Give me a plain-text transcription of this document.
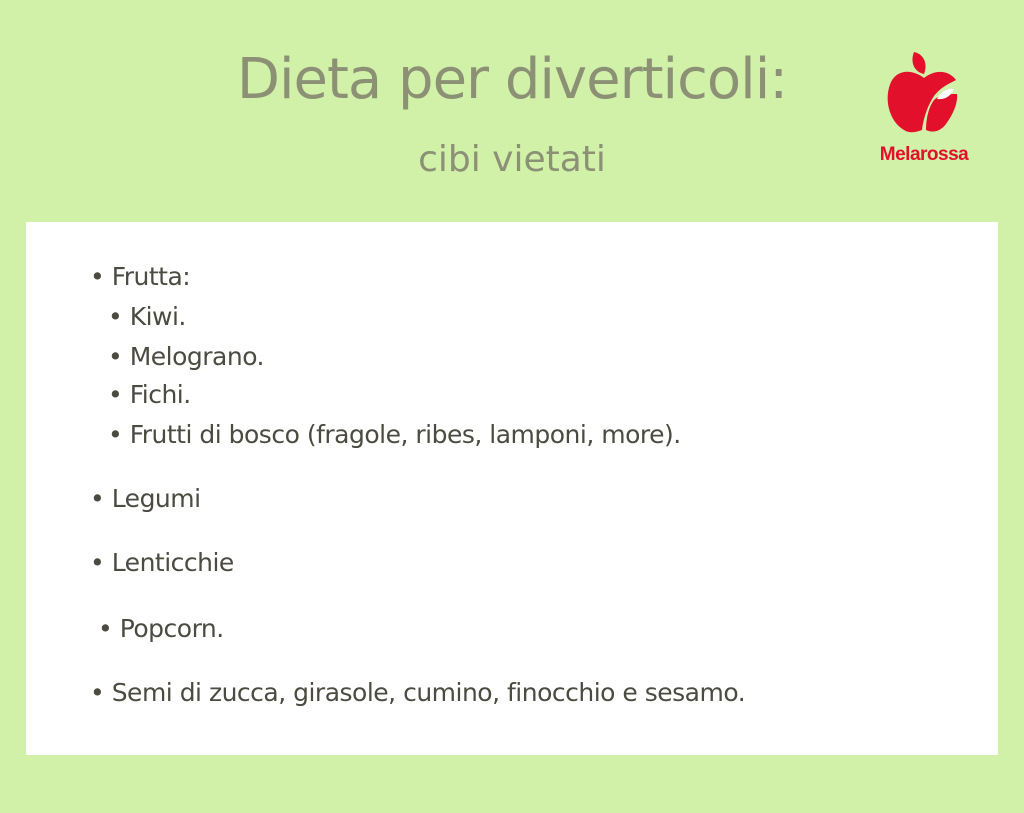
Dieta per diverticoli:
cibi vietati	Melarossa
• Frutta:
• Kiwi.
• Melograno.
• Fichi.
• Frutti di bosco (fragole, ribes, lamponi, more).
• Legumi
• Lenticchie
• Popcorn.
• Semi di zucca, girasole, cumino, finocchio e sesamo.
